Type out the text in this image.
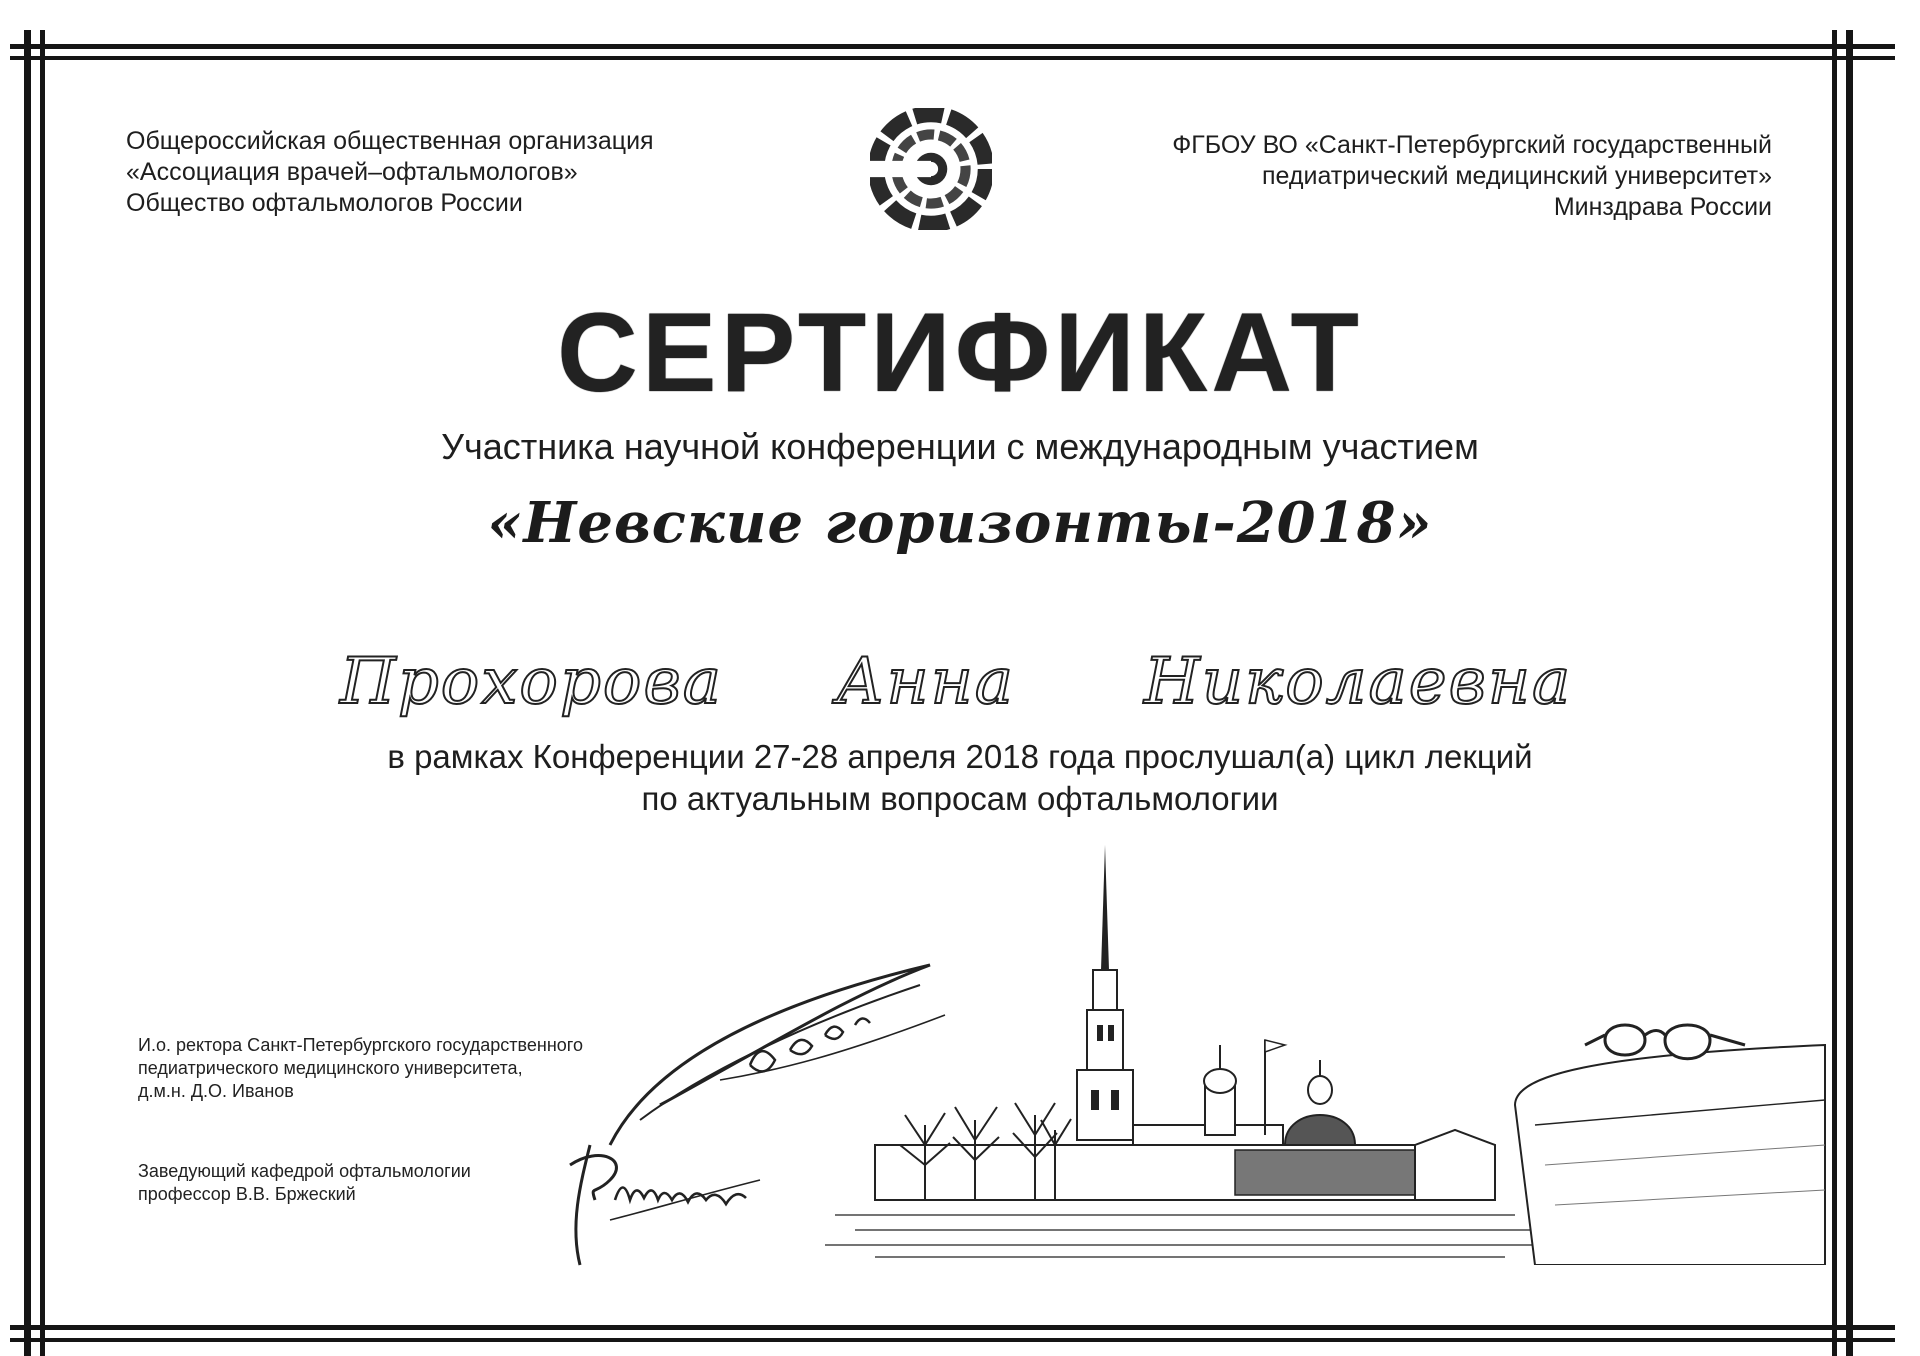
Общероссийская общественная организация
«Ассоциация врачей–офтальмологов»
Общество офтальмологов России
ФГБОУ ВО «Санкт-Петербургский государственный
педиатрический медицинский университет»
Минздрава России
СЕРТИФИКАТ
Участника научной конференции с международным участием
«Невские горизонты-2018»
Прохорова Анна Николаевна
в рамках Конференции 27-28 апреля 2018 года прослушал(а) цикл лекций
по актуальным вопросам офтальмологии
И.о. ректора Санкт-Петербургского государственного
педиатрического медицинского университета,
д.м.н. Д.О. Иванов
Заведующий кафедрой офтальмологии
профессор В.В. Бржеский
